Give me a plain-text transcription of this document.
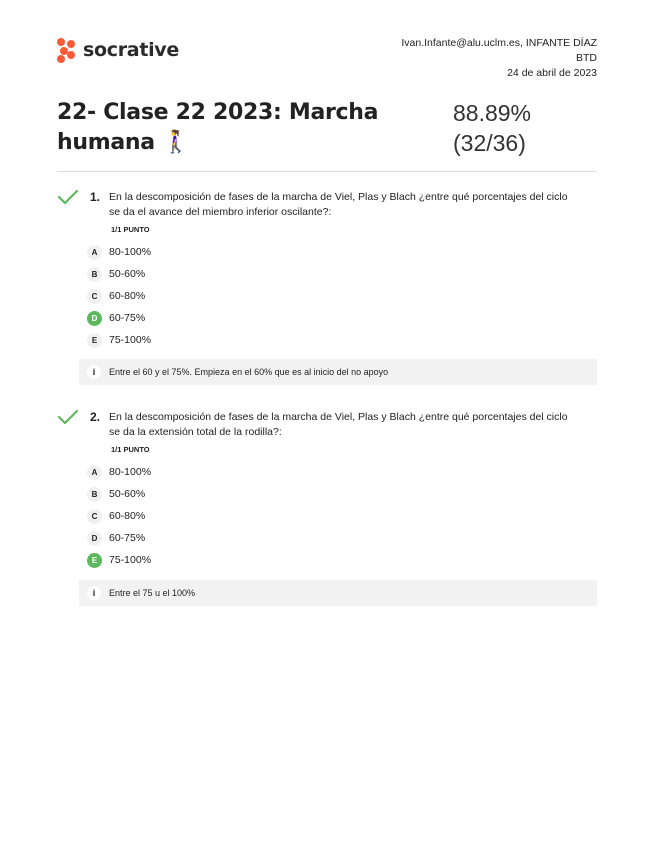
socrative	Ivan.Infante@alu.uclm.es, INFANTE DÍAZ
BTD
24 de abril de 2023
22- Clase 22 2023: Marcha humana 🚶‍♀
88.89%
(32/36)
1. En la descomposición de fases de la marcha de Viel, Plas y Blach ¿entre qué porcentajes del ciclo se da el avance del miembro inferior oscilante?:
1/1 PUNTO
A	80-100%
B	50-60%
C	60-80%
D	60-75%
E	75-100%
i	Entre el 60 y el 75%. Empieza en el 60% que es al inicio del no apoyo
2. En la descomposición de fases de la marcha de Viel, Plas y Blach ¿entre qué porcentajes del ciclo se da la extensión total de la rodilla?:
1/1 PUNTO
A	80-100%
B	50-60%
C	60-80%
D	60-75%
E	75-100%
i	Entre el 75 u el 100%
